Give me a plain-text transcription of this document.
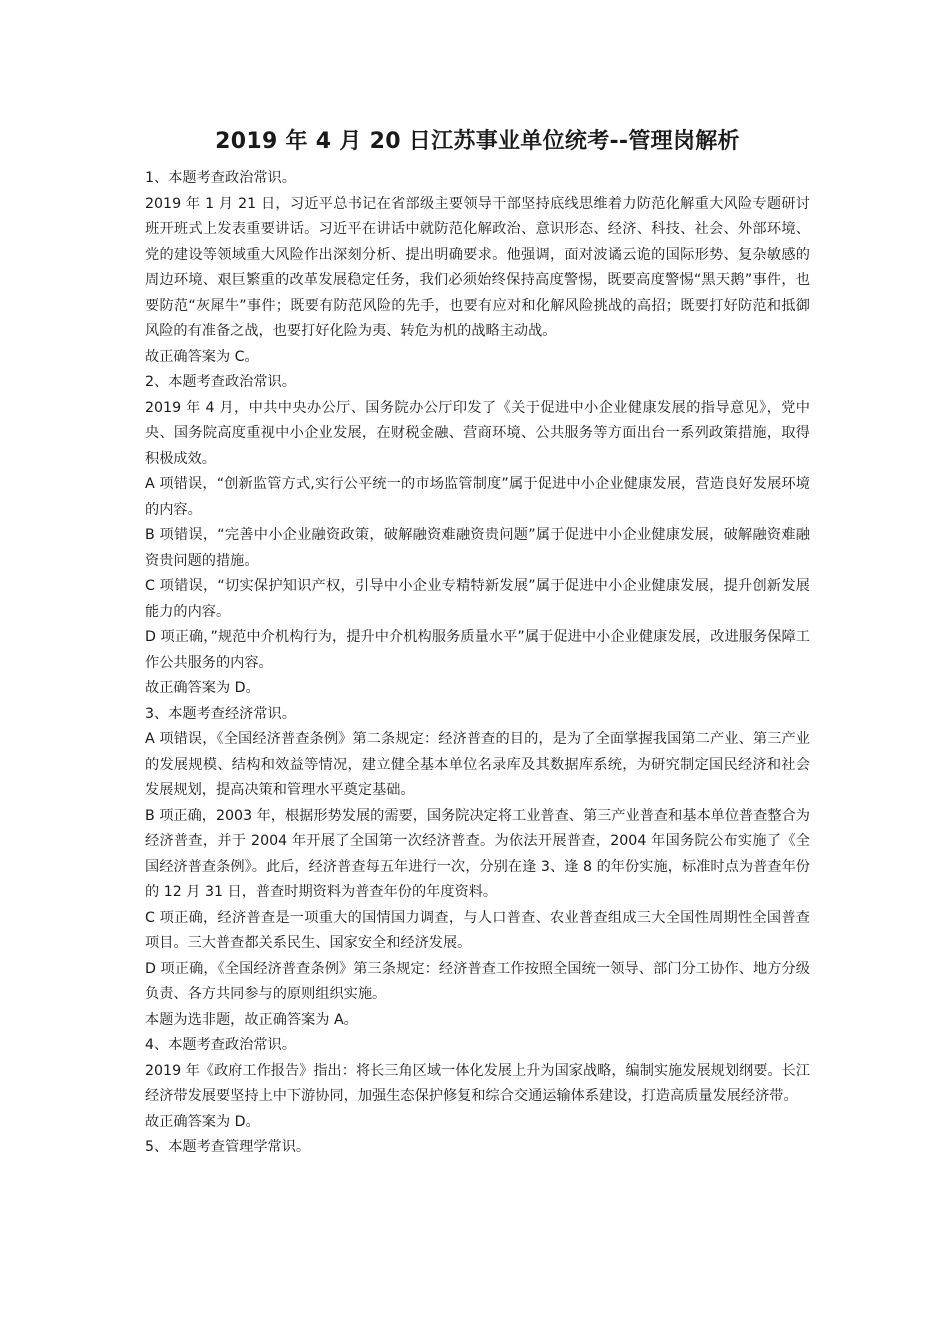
2019 年 4 月 20 日江苏事业单位统考--管理岗解析

1、本题考查政治常识。

2019 年 1 月 21 日，习近平总书记在省部级主要领导干部坚持底线思维着力防范化解重大风险专题研讨班开班式上发表重要讲话。习近平在讲话中就防范化解政治、意识形态、经济、科技、社会、外部环境、党的建设等领域重大风险作出深刻分析、提出明确要求。他强调，面对波谲云诡的国际形势、复杂敏感的周边环境、艰巨繁重的改革发展稳定任务，我们必须始终保持高度警惕，既要高度警惕“黑天鹅”事件，也要防范“灰犀牛”事件；既要有防范风险的先手，也要有应对和化解风险挑战的高招；既要打好防范和抵御风险的有准备之战，也要打好化险为夷、转危为机的战略主动战。

故正确答案为 C。

2、本题考查政治常识。

2019 年 4 月，中共中央办公厅、国务院办公厅印发了《关于促进中小企业健康发展的指导意见》，党中央、国务院高度重视中小企业发展，在财税金融、营商环境、公共服务等方面出台一系列政策措施，取得积极成效。

A 项错误，“创新监管方式,实行公平统一的市场监管制度”属于促进中小企业健康发展，营造良好发展环境的内容。

B 项错误，“完善中小企业融资政策，破解融资难融资贵问题”属于促进中小企业健康发展，破解融资难融资贵问题的措施。

C 项错误，“切实保护知识产权，引导中小企业专精特新发展”属于促进中小企业健康发展，提升创新发展能力的内容。

D 项正确，”规范中介机构行为，提升中介机构服务质量水平”属于促进中小企业健康发展，改进服务保障工作公共服务的内容。

故正确答案为 D。

3、本题考查经济常识。

A 项错误，《全国经济普查条例》第二条规定：经济普查的目的，是为了全面掌握我国第二产业、第三产业的发展规模、结构和效益等情况，建立健全基本单位名录库及其数据库系统，为研究制定国民经济和社会发展规划，提高决策和管理水平奠定基础。

B 项正确，2003 年，根据形势发展的需要，国务院决定将工业普查、第三产业普查和基本单位普查整合为经济普查，并于 2004 年开展了全国第一次经济普查。为依法开展普查，2004 年国务院公布实施了《全国经济普查条例》。此后，经济普查每五年进行一次，分别在逢 3、逢 8 的年份实施，标准时点为普查年份的 12 月 31 日，普查时期资料为普查年份的年度资料。

C 项正确，经济普查是一项重大的国情国力调查，与人口普查、农业普查组成三大全国性周期性全国普查项目。三大普查都关系民生、国家安全和经济发展。

D 项正确，《全国经济普查条例》第三条规定：经济普查工作按照全国统一领导、部门分工协作、地方分级负责、各方共同参与的原则组织实施。

本题为选非题，故正确答案为 A。

4、本题考查政治常识。

2019 年《政府工作报告》指出：将长三角区域一体化发展上升为国家战略，编制实施发展规划纲要。长江经济带发展要坚持上中下游协同，加强生态保护修复和综合交通运输体系建设，打造高质量发展经济带。

故正确答案为 D。

5、本题考查管理学常识。
